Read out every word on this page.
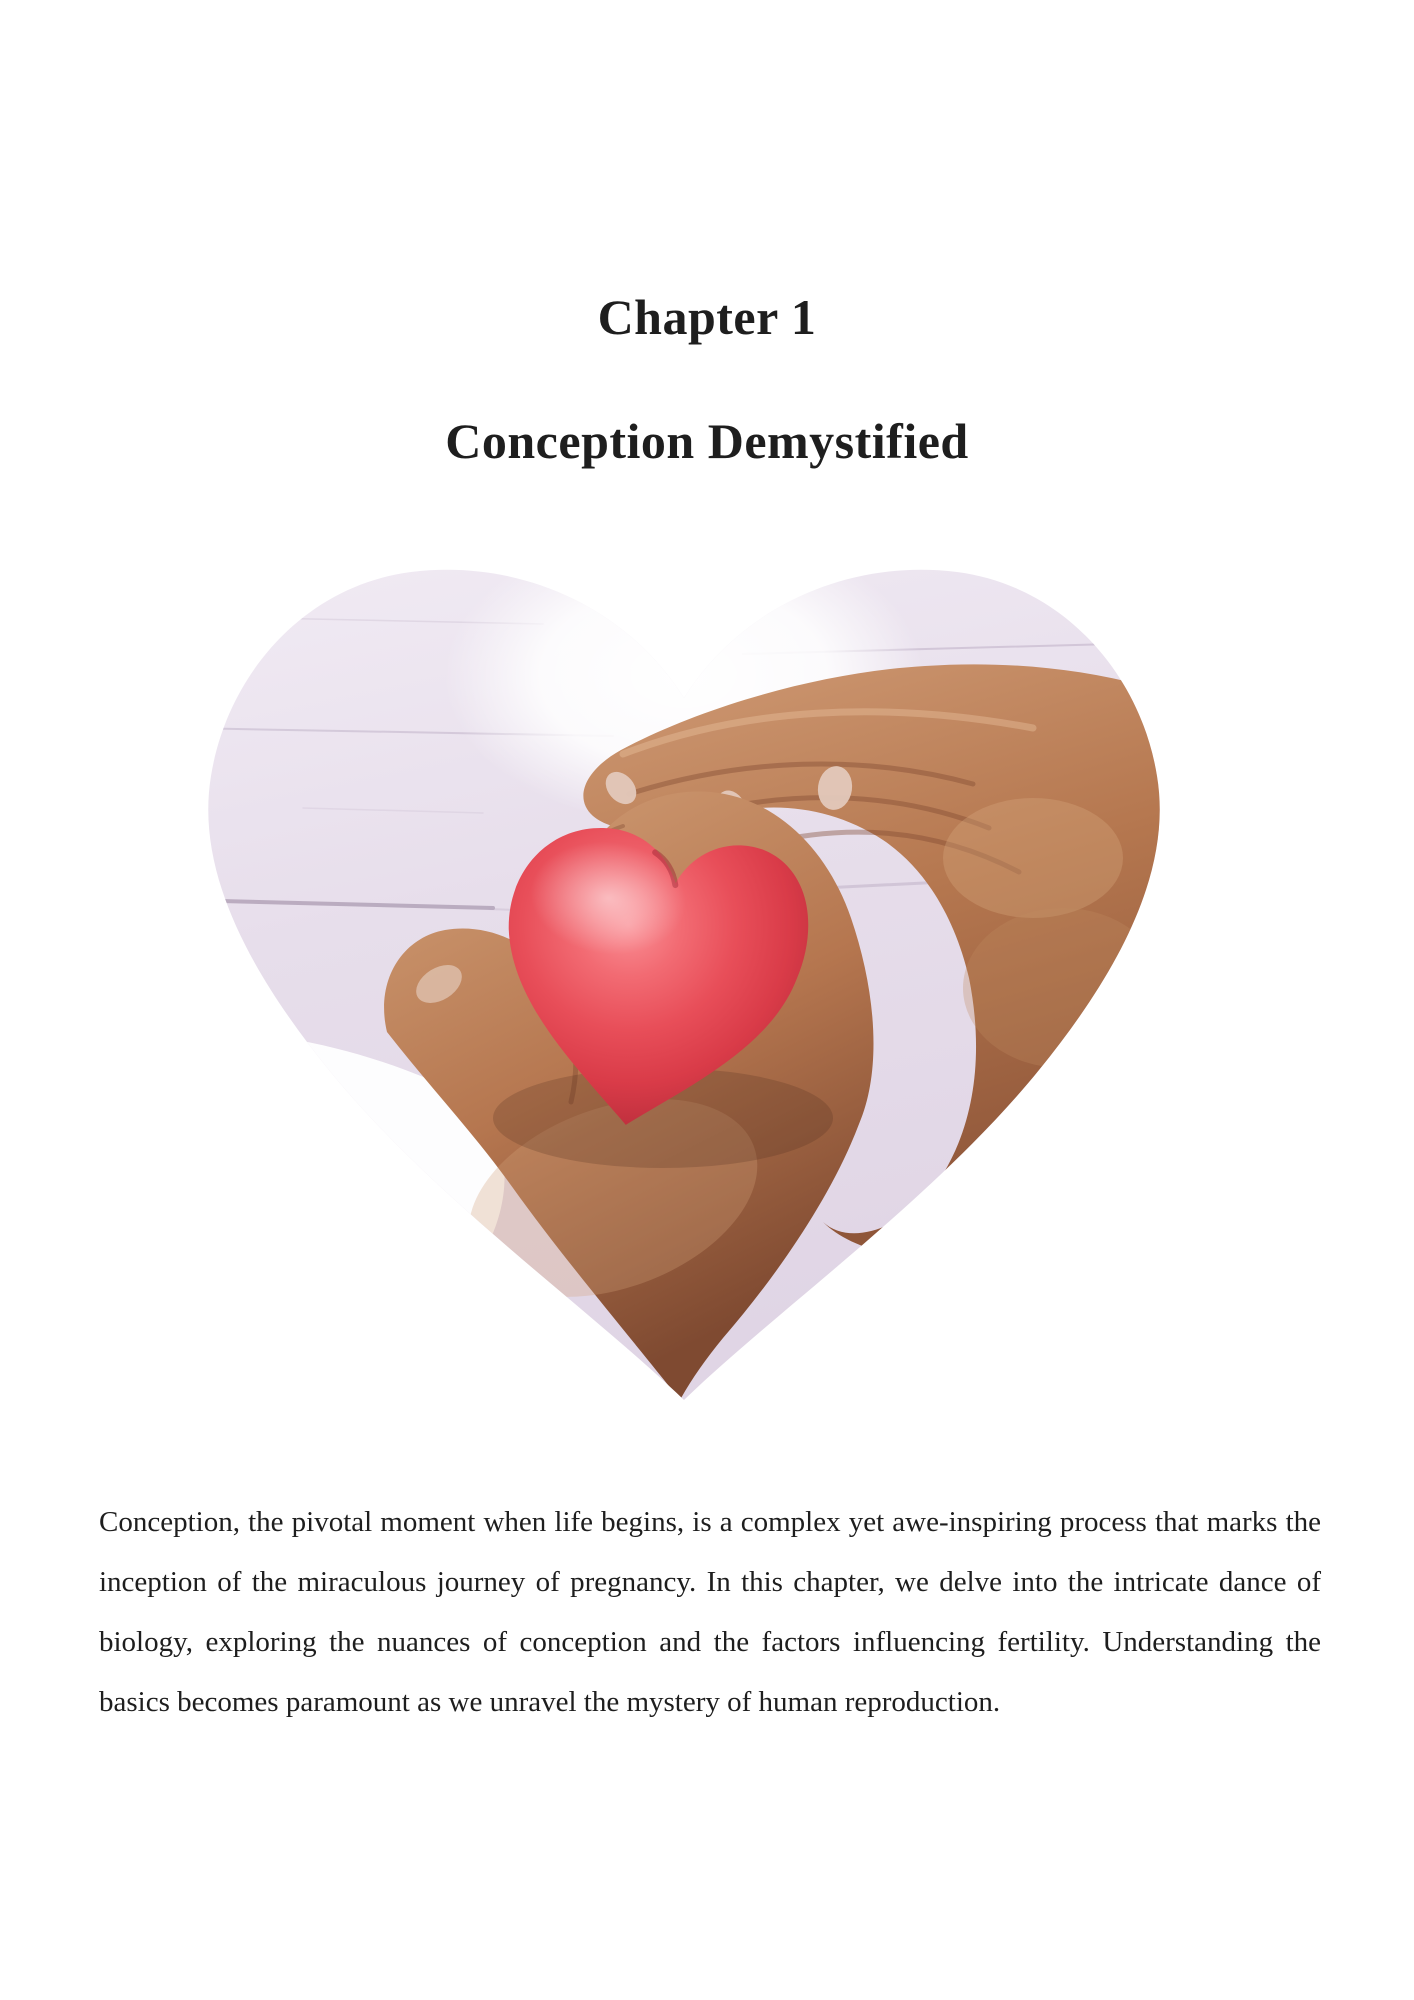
Chapter 1
Conception Demystified

Conception, the pivotal moment when life begins, is a complex yet awe-inspiring process that marks the inception of the miraculous journey of pregnancy. In this chapter, we delve into the intricate dance of biology, exploring the nuances of conception and the factors influencing fertility. Understanding the basics becomes paramount as we unravel the mystery of human reproduction.
